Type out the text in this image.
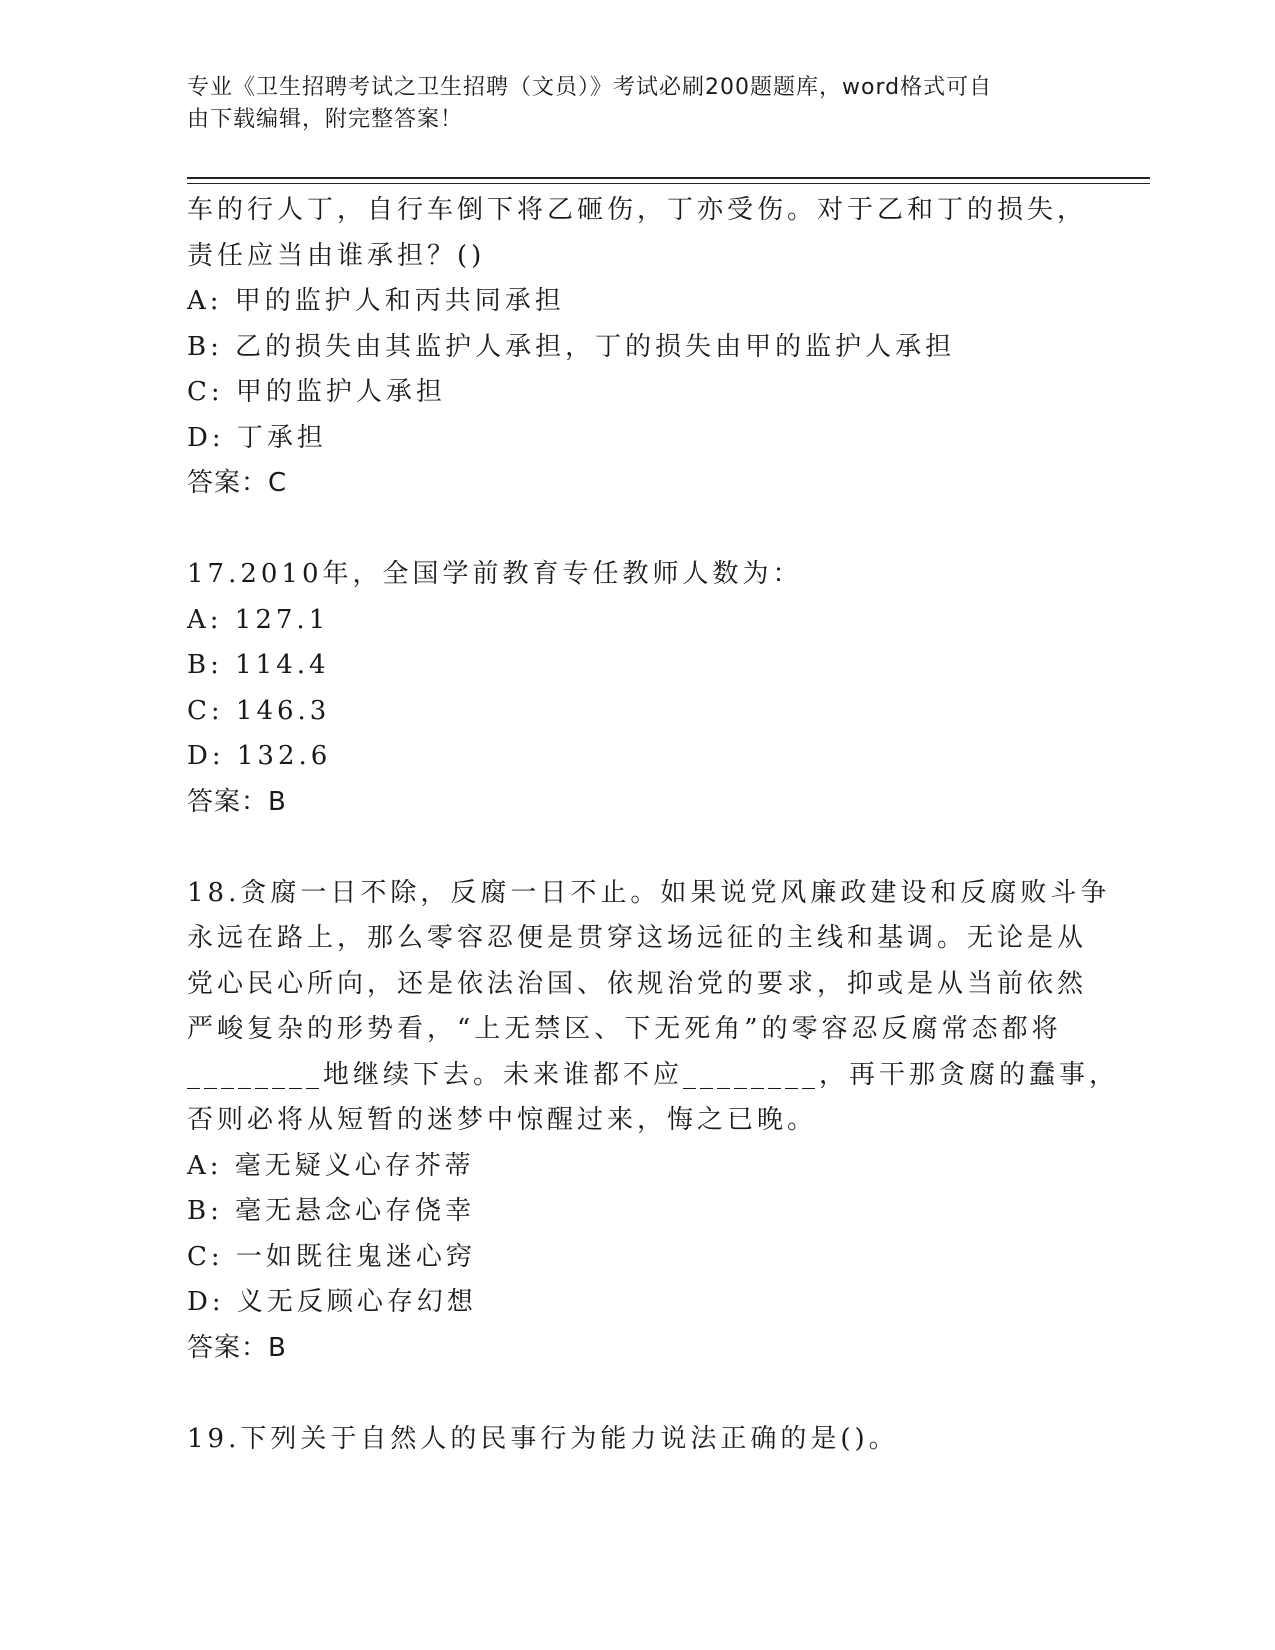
专业《卫生招聘考试之卫生招聘（文员）》考试必刷200题题库，word格式可自
由下载编辑，附完整答案！
车的行人丁，自行车倒下将乙砸伤，丁亦受伤。对于乙和丁的损失，
责任应当由谁承担？()
A: 甲的监护人和丙共同承担
B: 乙的损失由其监护人承担，丁的损失由甲的监护人承担
C: 甲的监护人承担
D: 丁承担
答案：C
17.2010年，全国学前教育专任教师人数为：
A: 127.1
B: 114.4
C: 146.3
D: 132.6
答案：B
18.贪腐一日不除，反腐一日不止。如果说党风廉政建设和反腐败斗争
永远在路上，那么零容忍便是贯穿这场远征的主线和基调。无论是从
党心民心所向，还是依法治国、依规治党的要求，抑或是从当前依然
严峻复杂的形势看，“上无禁区、下无死角”的零容忍反腐常态都将
________地继续下去。未来谁都不应________，再干那贪腐的蠢事，
否则必将从短暂的迷梦中惊醒过来，悔之已晚。
A: 毫无疑义心存芥蒂
B: 毫无悬念心存侥幸
C: 一如既往鬼迷心窍
D: 义无反顾心存幻想
答案：B
19.下列关于自然人的民事行为能力说法正确的是()。
